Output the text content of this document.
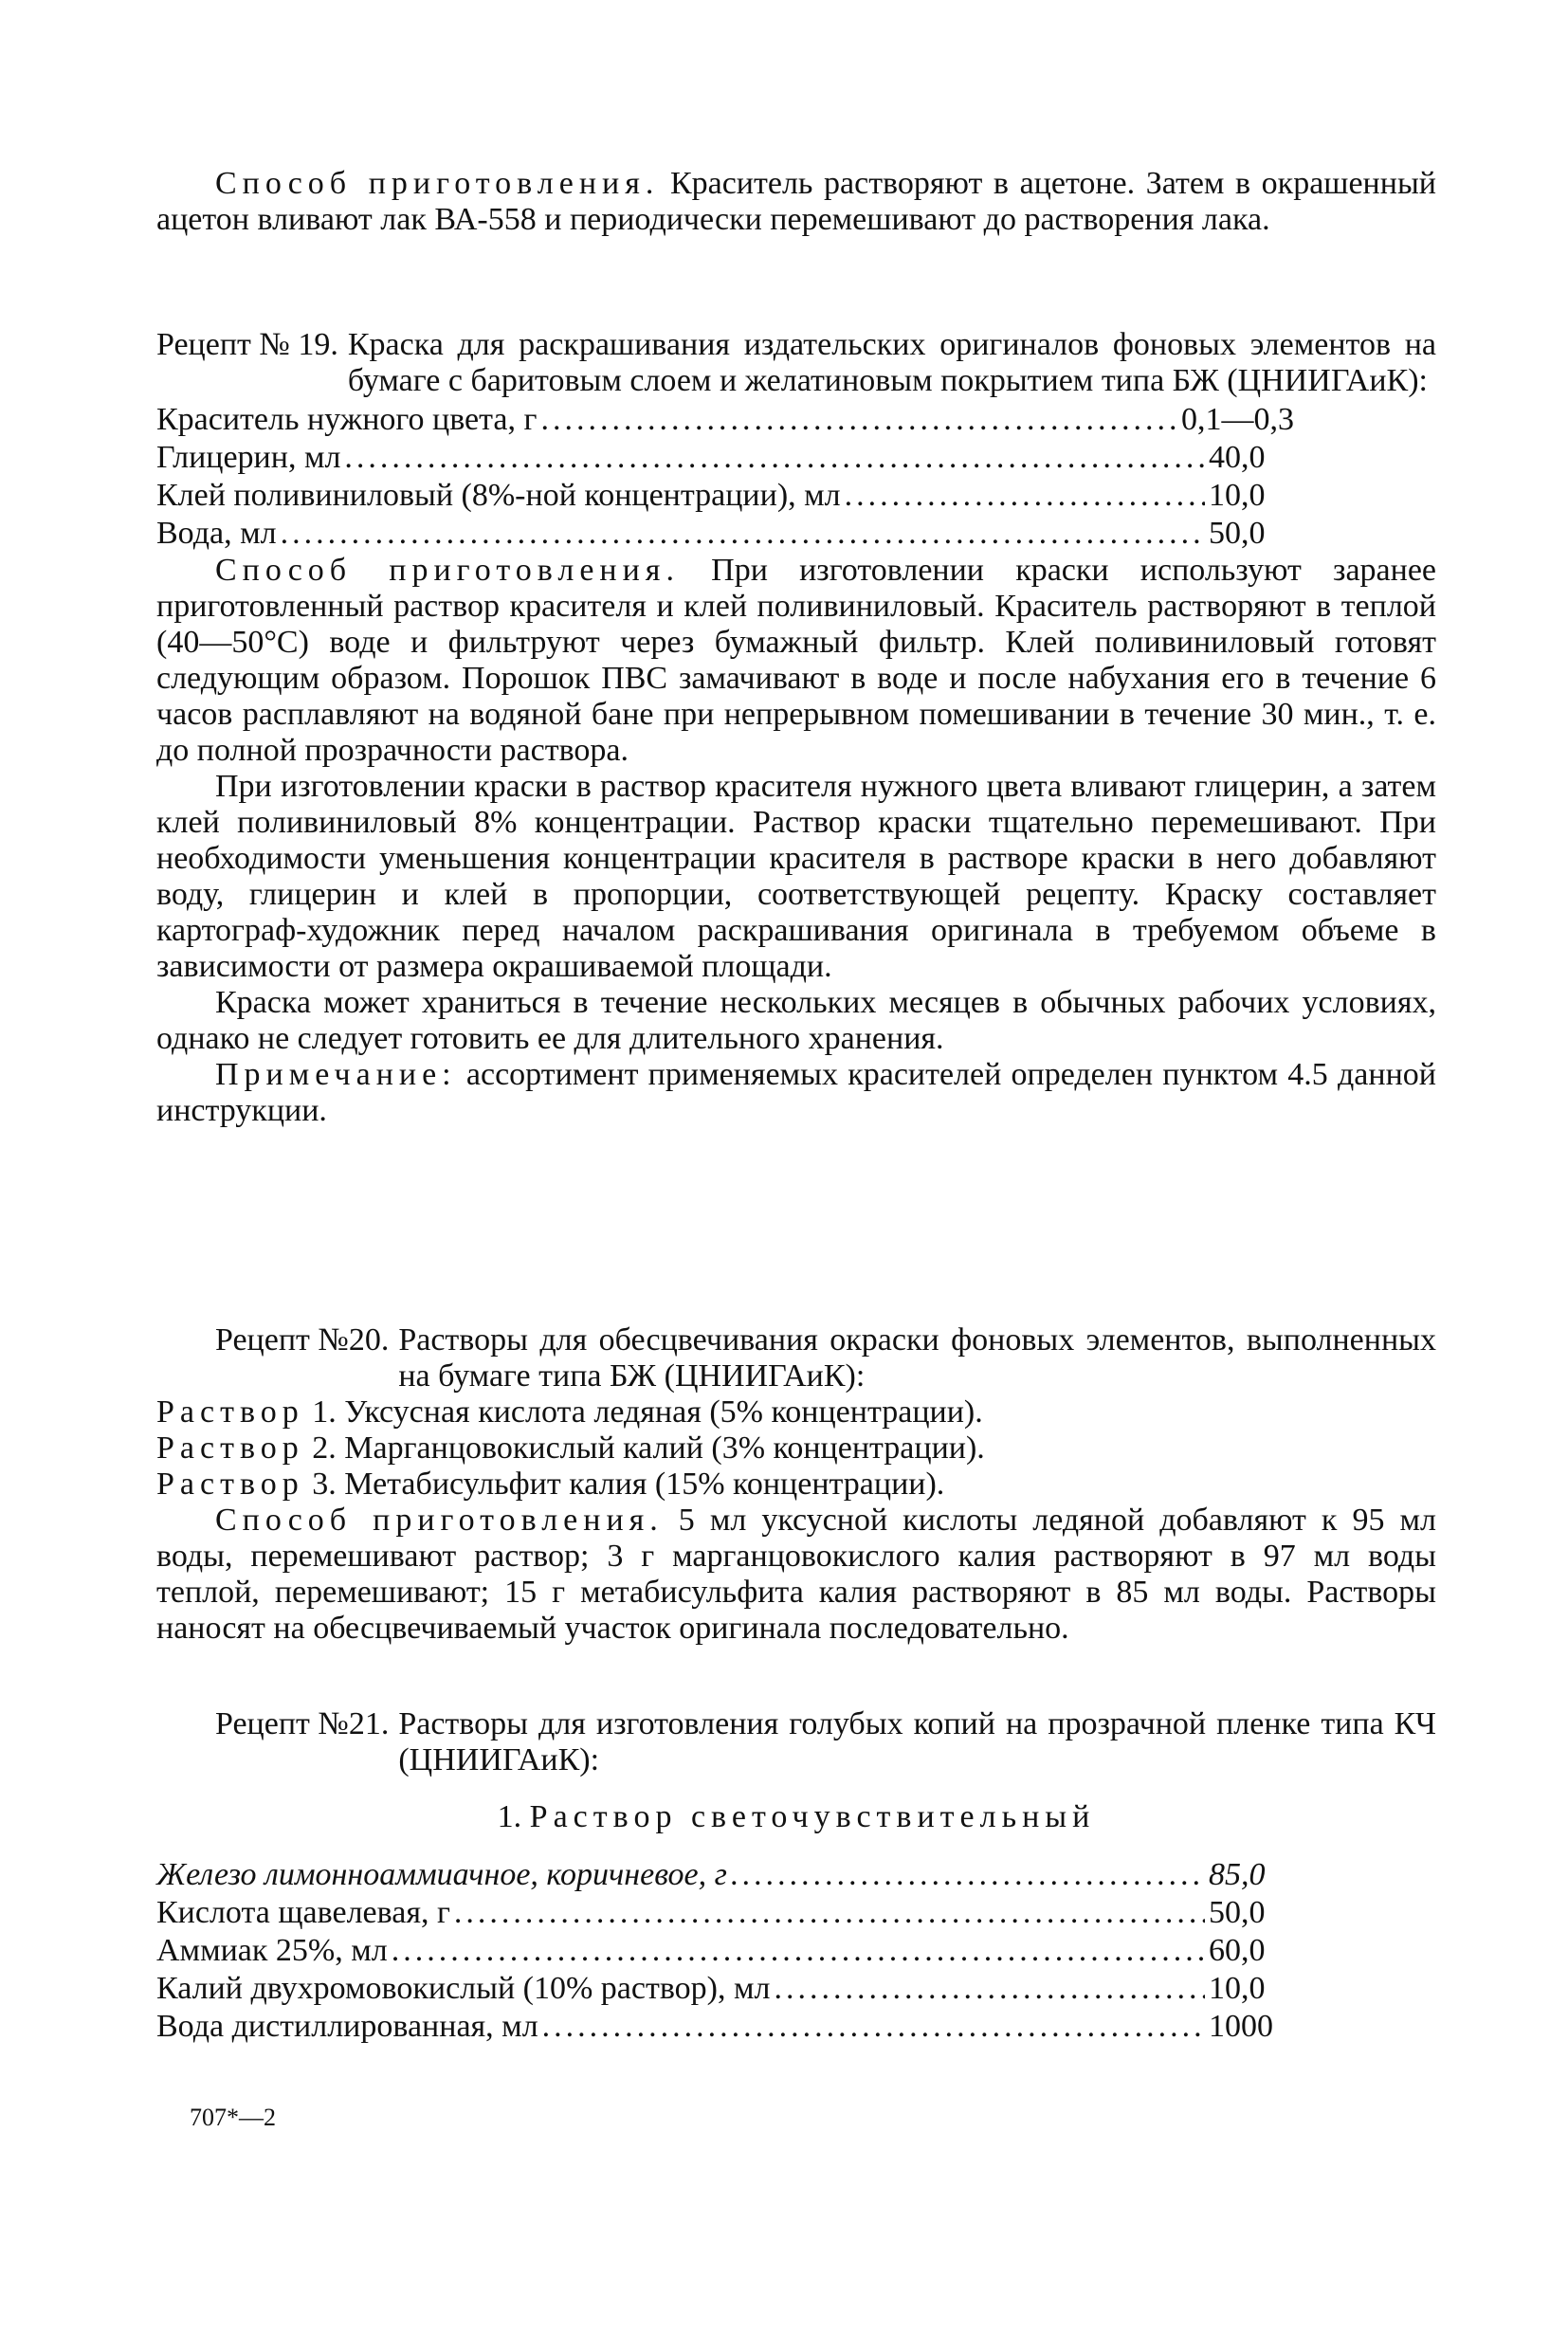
Способ приготовления. Краситель растворяют в ацетоне. Затем в окрашенный ацетон вливают лак ВА-558 и периодически перемешивают до растворения лака.

Рецепт № 19. Краска для раскрашивания издательских оригиналов фоновых элементов на бумаге с баритовым слоем и желатиновым покрытием типа БЖ (ЦНИИГАиК):
Краситель нужного цвета, г .....	0,1—0,3
Глицерин, мл .....	40,0
Клей поливиниловый (8%-ной концентрации), мл .....	10,0
Вода, мл .....	50,0

Способ приготовления. При изготовлении краски используют заранее приготовленный раствор красителя и клей поливиниловый. Краситель растворяют в теплой (40—50°С) воде и фильтруют через бумажный фильтр. Клей поливиниловый готовят следующим образом. Порошок ПВС замачивают в воде и после набухания его в течение 6 часов расплавляют на водяной бане при непрерывном помешивании в течение 30 мин., т. е. до полной прозрачности раствора.

При изготовлении краски в раствор красителя нужного цвета вливают глицерин, а затем клей поливиниловый 8% концентрации. Раствор краски тщательно перемешивают. При необходимости уменьшения концентрации красителя в растворе краски в него добавляют воду, глицерин и клей в пропорции, соответствующей рецепту. Краску составляет картограф-художник перед началом раскрашивания оригинала в требуемом объеме в зависимости от размера окрашиваемой площади.

Краска может храниться в течение нескольких месяцев в обычных рабочих условиях, однако не следует готовить ее для длительного хранения.

Примечание: ассортимент применяемых красителей определен пунктом 4.5 данной инструкции.

Рецепт №20. Растворы для обесцвечивания окраски фоновых элементов, выполненных на бумаге типа БЖ (ЦНИИГАиК):

Раствор 1. Уксусная кислота ледяная (5% концентрации).

Раствор 2. Марганцовокислый калий (3% концентрации).

Раствор 3. Метабисульфит калия (15% концентрации).

Способ приготовления. 5 мл уксусной кислоты ледяной добавляют к 95 мл воды, перемешивают раствор; 3 г марганцовокислого калия растворяют в 97 мл воды теплой, перемешивают; 15 г метабисульфита калия растворяют в 85 мл воды. Растворы наносят на обесцвечиваемый участок оригинала последовательно.

Рецепт №21. Растворы для изготовления голубых копий на прозрачной пленке типа КЧ (ЦНИИГАиК):

1. Раствор светочувствительный

Железо лимонноаммиачное, коричневое, г .....	85,0
Кислота щавелевая, г .....	50,0
Аммиак 25%, мл .....	60,0
Калий двухромовокислый (10% раствор), мл .....	10,0
Вода дистиллированная, мл .....	1000
707*—2
